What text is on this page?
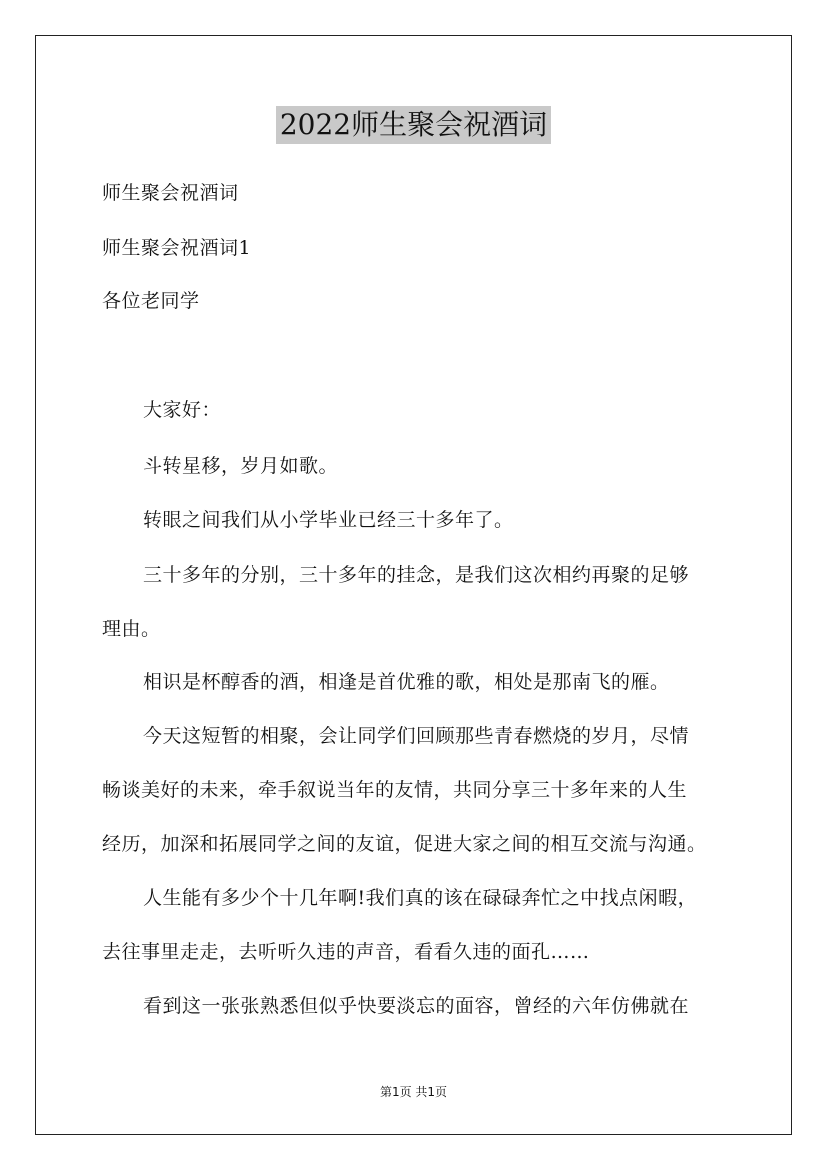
2022师生聚会祝酒词

师生聚会祝酒词

师生聚会祝酒词1

各位老同学

大家好：

斗转星移，岁月如歌。

转眼之间我们从小学毕业已经三十多年了。

三十多年的分别，三十多年的挂念，是我们这次相约再聚的足够

理由。

相识是杯醇香的酒，相逢是首优雅的歌，相处是那南飞的雁。

今天这短暂的相聚，会让同学们回顾那些青春燃烧的岁月，尽情

畅谈美好的未来，牵手叙说当年的友情，共同分享三十多年来的人生

经历，加深和拓展同学之间的友谊，促进大家之间的相互交流与沟通。

人生能有多少个十几年啊!我们真的该在碌碌奔忙之中找点闲暇，

去往事里走走，去听听久违的声音，看看久违的面孔……

看到这一张张熟悉但似乎快要淡忘的面容，曾经的六年仿佛就在

第1页 共1页
